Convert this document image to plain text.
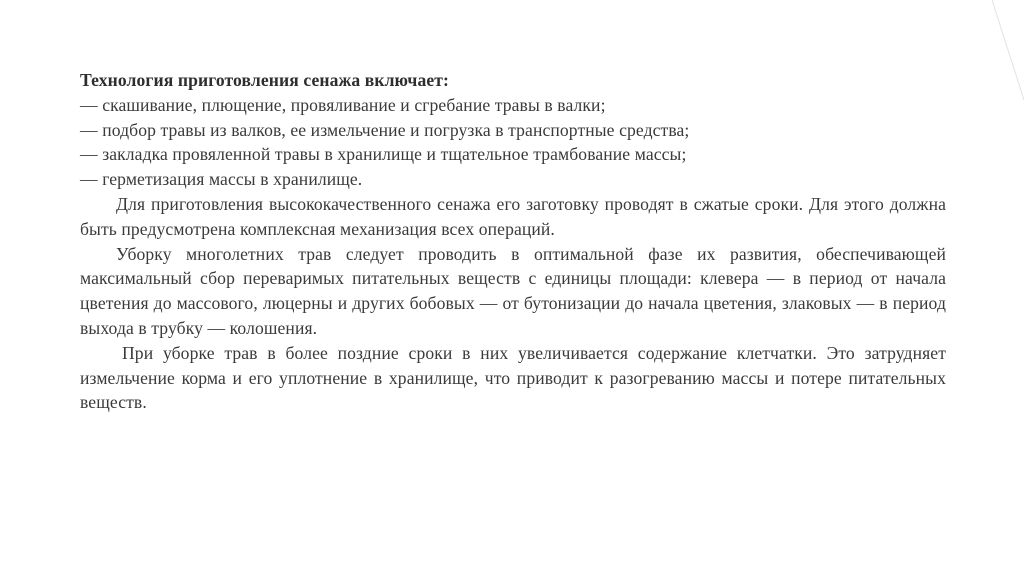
Технология приготовления сенажа включает:

— скашивание, плющение, провяливание и сгребание травы в валки;

— подбор травы из валков, ее измельчение и погрузка в транспортные средства;

— закладка провяленной травы в хранилище и тщательное трамбование массы;

— герметизация массы в хранилище.

Для приготовления высококачественного сенажа его заготовку проводят в сжатые сроки. Для этого должна быть предусмотрена комплексная механизация всех операций.

Уборку многолетних трав следует проводить в оптимальной фазе их развития, обеспечивающей максимальный сбор переваримых питательных веществ с единицы площади: клевера — в период от начала цветения до массового, люцерны и других бобовых — от бутонизации до начала цветения, злаковых — в период выхода в трубку — колошения.

При уборке трав в более поздние сроки в них увеличивается содержание клетчатки. Это затрудняет измельчение корма и его уплотнение в хранилище, что приводит к разогреванию массы и потере питательных веществ.
